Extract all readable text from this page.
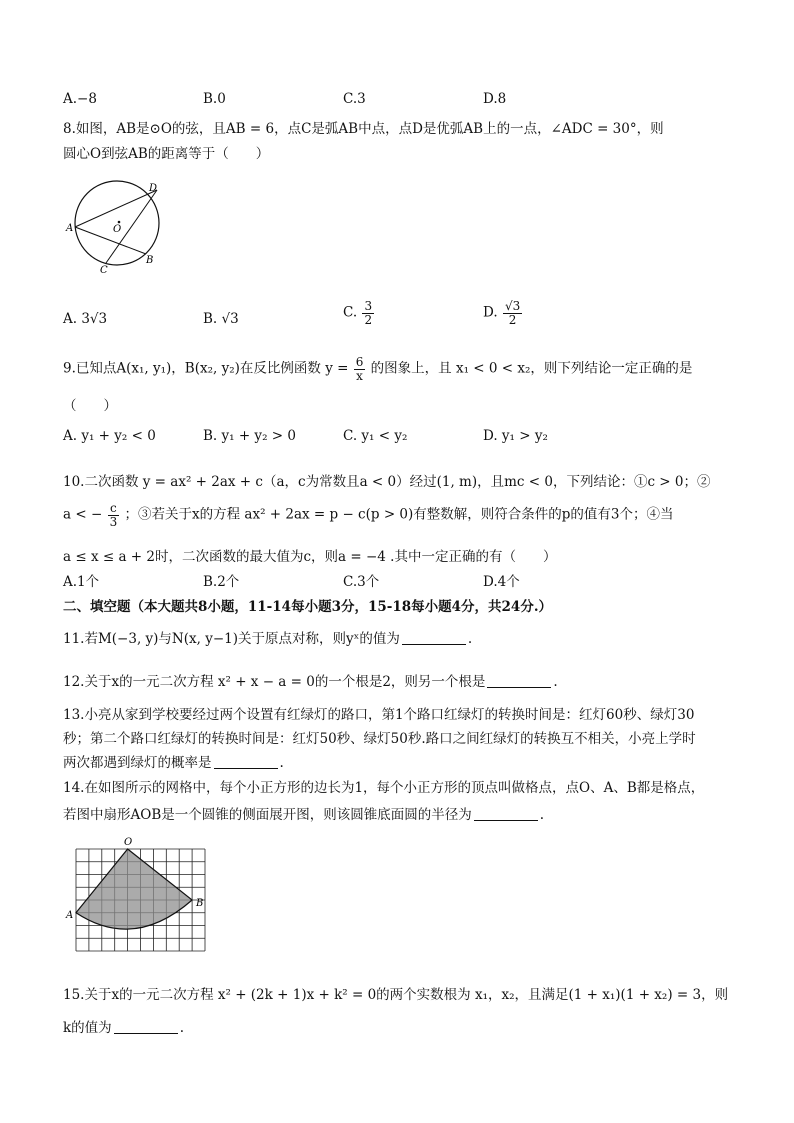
A.−8	B.0	C.3	D.8
8.如图，AB是⊙O的弦，且AB = 6，点C是弧AB中点，点D是优弧AB上的一点，∠ADC = 30°，则
圆心O到弦AB的距离等于（　　）
A
B
C
D
O
A. 3√3	B. √3	C. $\frac{3}{2}$	D. $\frac{√3}{2}$
9.已知点A(x₁, y₁)，B(x₂, y₂)在反比例函数 $y = \frac{6}{x}$ 的图象上，且 x₁ < 0 < x₂，则下列结论一定正确的是
（　　）
A. y₁ + y₂ < 0	B. y₁ + y₂ > 0	C. y₁ < y₂	D. y₁ > y₂
10.二次函数 y = ax² + 2ax + c（a，c为常数且a < 0）经过(1, m)，且mc < 0，下列结论：①c > 0；②
a < − $\frac{c}{3}$ ；③若关于x的方程 ax² + 2ax = p − c(p > 0)有整数解，则符合条件的p的值有3个；④当
a ≤ x ≤ a + 2时，二次函数的最大值为c，则a = −4 .其中一定正确的有（　　）
A.1个	B.2个	C.3个	D.4个
二、填空题（本大题共8小题，11-14每小题3分，15-18每小题4分，共24分.）
11.若M(−3, y)与N(x, y−1)关于原点对称，则yˣ的值为	.
12.关于x的一元二次方程 x² + x − a = 0的一个根是2，则另一个根是	.
13.小亮从家到学校要经过两个设置有红绿灯的路口，第1个路口红绿灯的转换时间是：红灯60秒、绿灯30
秒；第二个路口红绿灯的转换时间是：红灯50秒、绿灯50秒.路口之间红绿灯的转换互不相关，小亮上学时
两次都遇到绿灯的概率是	.
14.在如图所示的网格中，每个小正方形的边长为1，每个小正方形的顶点叫做格点，点O、A、B都是格点，
若图中扇形AOB是一个圆锥的侧面展开图，则该圆锥底面圆的半径为	.
O
A
B
15.关于x的一元二次方程 x² + (2k + 1)x + k² = 0的两个实数根为 x₁，x₂，且满足(1 + x₁)(1 + x₂) = 3，则
k的值为	.
